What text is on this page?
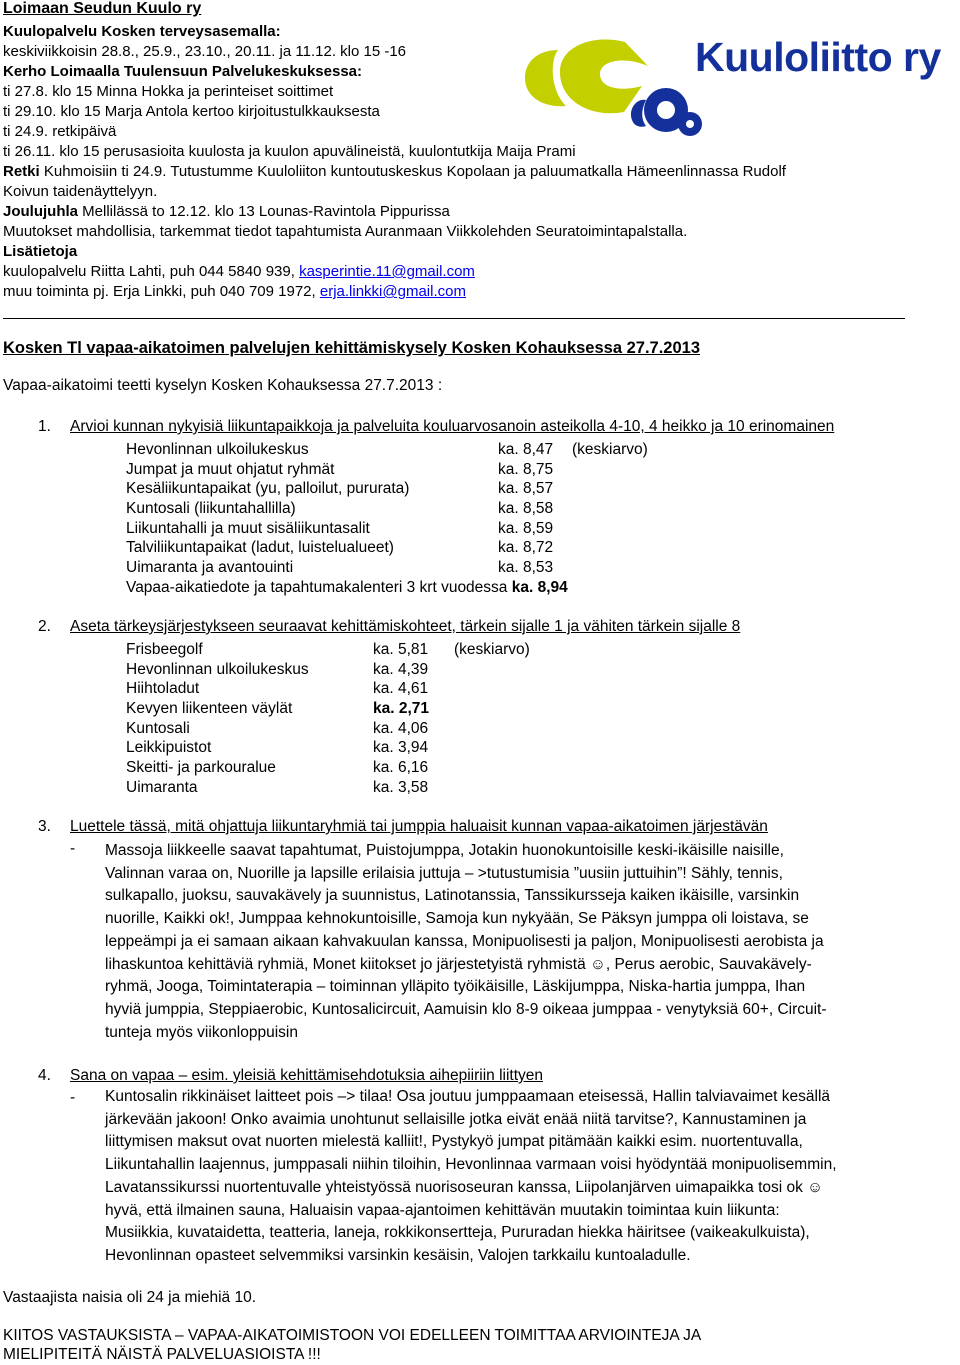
Kuuloliitto ry
Loimaan Seudun Kuulo ry
Kuulopalvelu Kosken terveysasemalla:
keskiviikkoisin 28.8., 25.9., 23.10., 20.11. ja 11.12. klo 15 -16
Kerho Loimaalla Tuulensuun Palvelukeskuksessa:
ti 27.8. klo 15 Minna Hokka ja perinteiset soittimet
ti 29.10. klo 15 Marja Antola kertoo kirjoitustulkkauksesta
ti 24.9. retkipäivä
ti 26.11. klo 15 perusasioita kuulosta ja kuulon apuvälineistä, kuulontutkija Maija Prami
Retki Kuhmoisiin ti 24.9. Tutustumme Kuuloliiton kuntoutuskeskus Kopolaan ja paluumatkalla Hämeenlinnassa Rudolf
Koivun taidenäyttelyyn.
Joulujuhla Mellilässä to 12.12. klo 13 Lounas-Ravintola Pippurissa
Muutokset mahdollisia, tarkemmat tiedot tapahtumista Auranmaan Viikkolehden Seuratoimintapalstalla.
Lisätietoja
kuulopalvelu Riitta Lahti, puh 044 5840 939, kasperintie.11@gmail.com
muu toiminta pj. Erja Linkki, puh 040 709 1972, erja.linkki@gmail.com
Kosken Tl vapaa-aikatoimen palvelujen kehittämiskysely Kosken Kohauksessa 27.7.2013
Vapaa-aikatoimi teetti kyselyn Kosken Kohauksessa 27.7.2013 :
1. Arvioi kunnan nykyisiä liikuntapaikkoja ja palveluita kouluarvosanoin asteikolla 4-10, 4 heikko ja 10 erinomainen
Hevonlinnan ulkoilukeskus	ka. 8,47 (keskiarvo)
Jumpat ja muut ohjatut ryhmät	ka. 8,75
Kesäliikuntapaikat (yu, palloilut, pururata)	ka. 8,57
Kuntosali (liikuntahallilla)	ka. 8,58
Liikuntahalli ja muut sisäliikuntasalit	ka. 8,59
Talviliikuntapaikat (ladut, luistelualueet)	ka. 8,72
Uimaranta ja avantouinti	ka. 8,53
Vapaa-aikatiedote ja tapahtumakalenteri 3 krt vuodessa ka. 8,94
2. Aseta tärkeysjärjestykseen seuraavat kehittämiskohteet, tärkein sijalle 1 ja vähiten tärkein sijalle 8
Frisbeegolf	ka. 5,81 (keskiarvo)
Hevonlinnan ulkoilukeskus	ka. 4,39
Hiihtoladut	ka. 4,61
Kevyen liikenteen väylät	ka. 2,71
Kuntosali	ka. 4,06
Leikkipuistot	ka. 3,94
Skeitti- ja parkouralue	ka. 6,16
Uimaranta	ka. 3,58
3. Luettele tässä, mitä ohjattuja liikuntaryhmiä tai jumppia haluaisit kunnan vapaa-aikatoimen järjestävän
- Massoja liikkeelle saavat tapahtumat, Puistojumppa, Jotakin huonokuntoisille keski-ikäisille naisille,

Valinnan varaa on, Nuorille ja lapsille erilaisia juttuja – >tutustumisia ”uusiin juttuihin”! Sähly, tennis,

sulkapallo, juoksu, sauvakävely ja suunnistus, Latinotanssia, Tanssikursseja kaiken ikäisille, varsinkin

nuorille, Kaikki ok!, Jumppaa kehnokuntoisille, Samoja kun nykyään, Se Päksyn jumppa oli loistava, se

leppeämpi ja ei samaan aikaan kahvakuulan kanssa, Monipuolisesti ja paljon, Monipuolisesti aerobista ja

lihaskuntoa kehittäviä ryhmiä, Monet kiitokset jo järjestetyistä ryhmistä ☺, Perus aerobic, Sauvakävely-

ryhmä, Jooga, Toimintaterapia – toiminnan ylläpito työikäisille, Läskijumppa, Niska-hartia jumppa, Ihan

hyviä jumppia, Steppiaerobic, Kuntosalicircuit, Aamuisin klo 8-9 oikeaa jumppaa - venytyksiä 60+, Circuit-

tunteja myös viikonloppuisin

4. Sana on vapaa – esim. yleisiä kehittämisehdotuksia aihepiiriin liittyen
- Kuntosalin rikkinäiset laitteet pois –> tilaa! Osa joutuu jumppaamaan eteisessä, Hallin talviavaimet kesällä

järkevään jakoon! Onko avaimia unohtunut sellaisille jotka eivät enää niitä tarvitse?, Kannustaminen ja

liittymisen maksut ovat nuorten mielestä kalliit!, Pystykyö jumpat pitämään kaikki esim. nuortentuvalla,

Liikuntahallin laajennus, jumppasali niihin tiloihin, Hevonlinnaa varmaan voisi hyödyntää monipuolisemmin,

Lavatanssikurssi nuortentuvalle yhteistyössä nuorisoseuran kanssa, Liipolanjärven uimapaikka tosi ok ☺

hyvä, että ilmainen sauna, Haluaisin vapaa-ajantoimen kehittävän muutakin toimintaa kuin liikunta:

Musiikkia, kuvataidetta, teatteria, laneja, rokkikonsertteja, Pururadan hiekka häiritsee (vaikeakulkuista),

Hevonlinnan opasteet selvemmiksi varsinkin kesäisin, Valojen tarkkailu kuntoaladulle.

Vastaajista naisia oli 24 ja miehiä 10.
KIITOS VASTAUKSISTA – VAPAA-AIKATOIMISTOON VOI EDELLEEN TOIMITTAA ARVIOINTEJA JA
MIELIPITEITÄ NÄISTÄ PALVELUASIOISTA !!!
